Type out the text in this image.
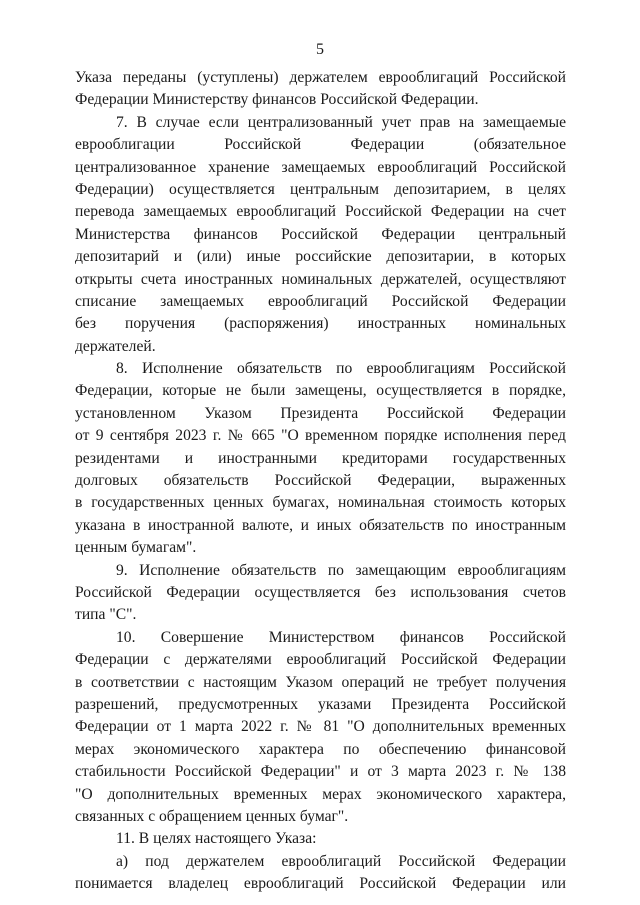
5
Указа переданы (уступлены) держателем еврооблигаций Российской
Федерации Министерству финансов Российской Федерации.
7. В случае если централизованный учет прав на замещаемые
еврооблигации Российской Федерации (обязательное
централизованное хранение замещаемых еврооблигаций Российской
Федерации) осуществляется центральным депозитарием, в целях
перевода замещаемых еврооблигаций Российской Федерации на счет
Министерства финансов Российской Федерации центральный
депозитарий и (или) иные российские депозитарии, в которых
открыты счета иностранных номинальных держателей, осуществляют
списание замещаемых еврооблигаций Российской Федерации
без поручения (распоряжения) иностранных номинальных
держателей.
8. Исполнение обязательств по еврооблигациям Российской
Федерации, которые не были замещены, осуществляется в порядке,
установленном Указом Президента Российской Федерации
от 9 сентября 2023 г. № 665 "О временном порядке исполнения перед
резидентами и иностранными кредиторами государственных
долговых обязательств Российской Федерации, выраженных
в государственных ценных бумагах, номинальная стоимость которых
указана в иностранной валюте, и иных обязательств по иностранным
ценным бумагам".
9. Исполнение обязательств по замещающим еврооблигациям
Российской Федерации осуществляется без использования счетов
типа "С".
10. Совершение Министерством финансов Российской
Федерации с держателями еврооблигаций Российской Федерации
в соответствии с настоящим Указом операций не требует получения
разрешений, предусмотренных указами Президента Российской
Федерации от 1 марта 2022 г. № 81 "О дополнительных временных
мерах экономического характера по обеспечению финансовой
стабильности Российской Федерации" и от 3 марта 2023 г. № 138
"О дополнительных временных мерах экономического характера,
связанных с обращением ценных бумаг".
11. В целях настоящего Указа:
а) под держателем еврооблигаций Российской Федерации
понимается владелец еврооблигаций Российской Федерации или
